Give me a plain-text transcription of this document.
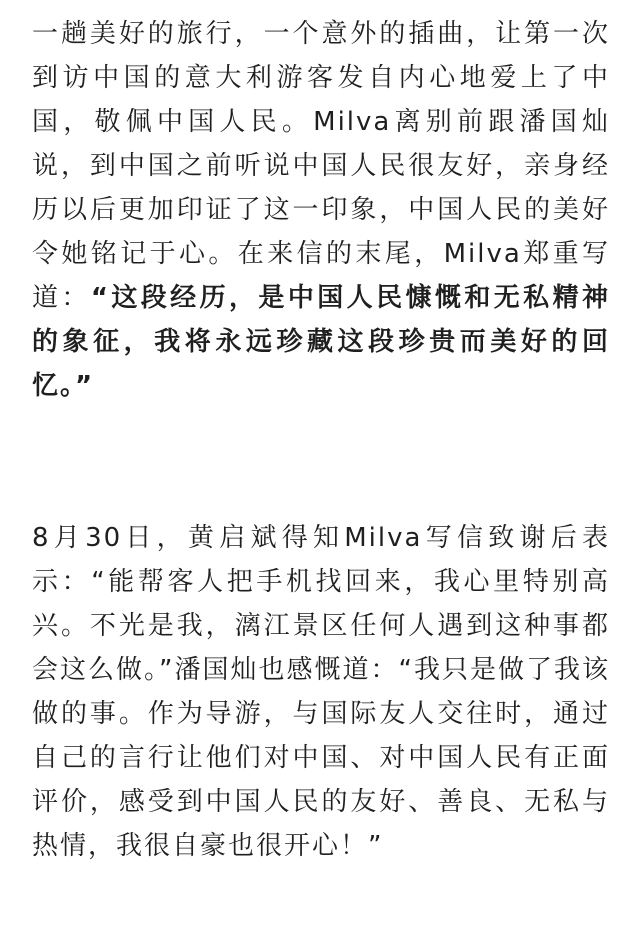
一趟美好的旅行，一个意外的插曲，让第一次到访中国的意大利游客发自内心地爱上了中国，敬佩中国人民。Milva离别前跟潘国灿说，到中国之前听说中国人民很友好，亲身经历以后更加印证了这一印象，中国人民的美好令她铭记于心。在来信的末尾，Milva郑重写道：“这段经历，是中国人民慷慨和无私精神的象征，我将永远珍藏这段珍贵而美好的回忆。”

8月30日，黄启斌得知Milva写信致谢后表示：“能帮客人把手机找回来，我心里特别高兴。不光是我，漓江景区任何人遇到这种事都会这么做。”潘国灿也感慨道：“我只是做了我该做的事。作为导游，与国际友人交往时，通过自己的言行让他们对中国、对中国人民有正面评价，感受到中国人民的友好、善良、无私与热情，我很自豪也很开心！”
